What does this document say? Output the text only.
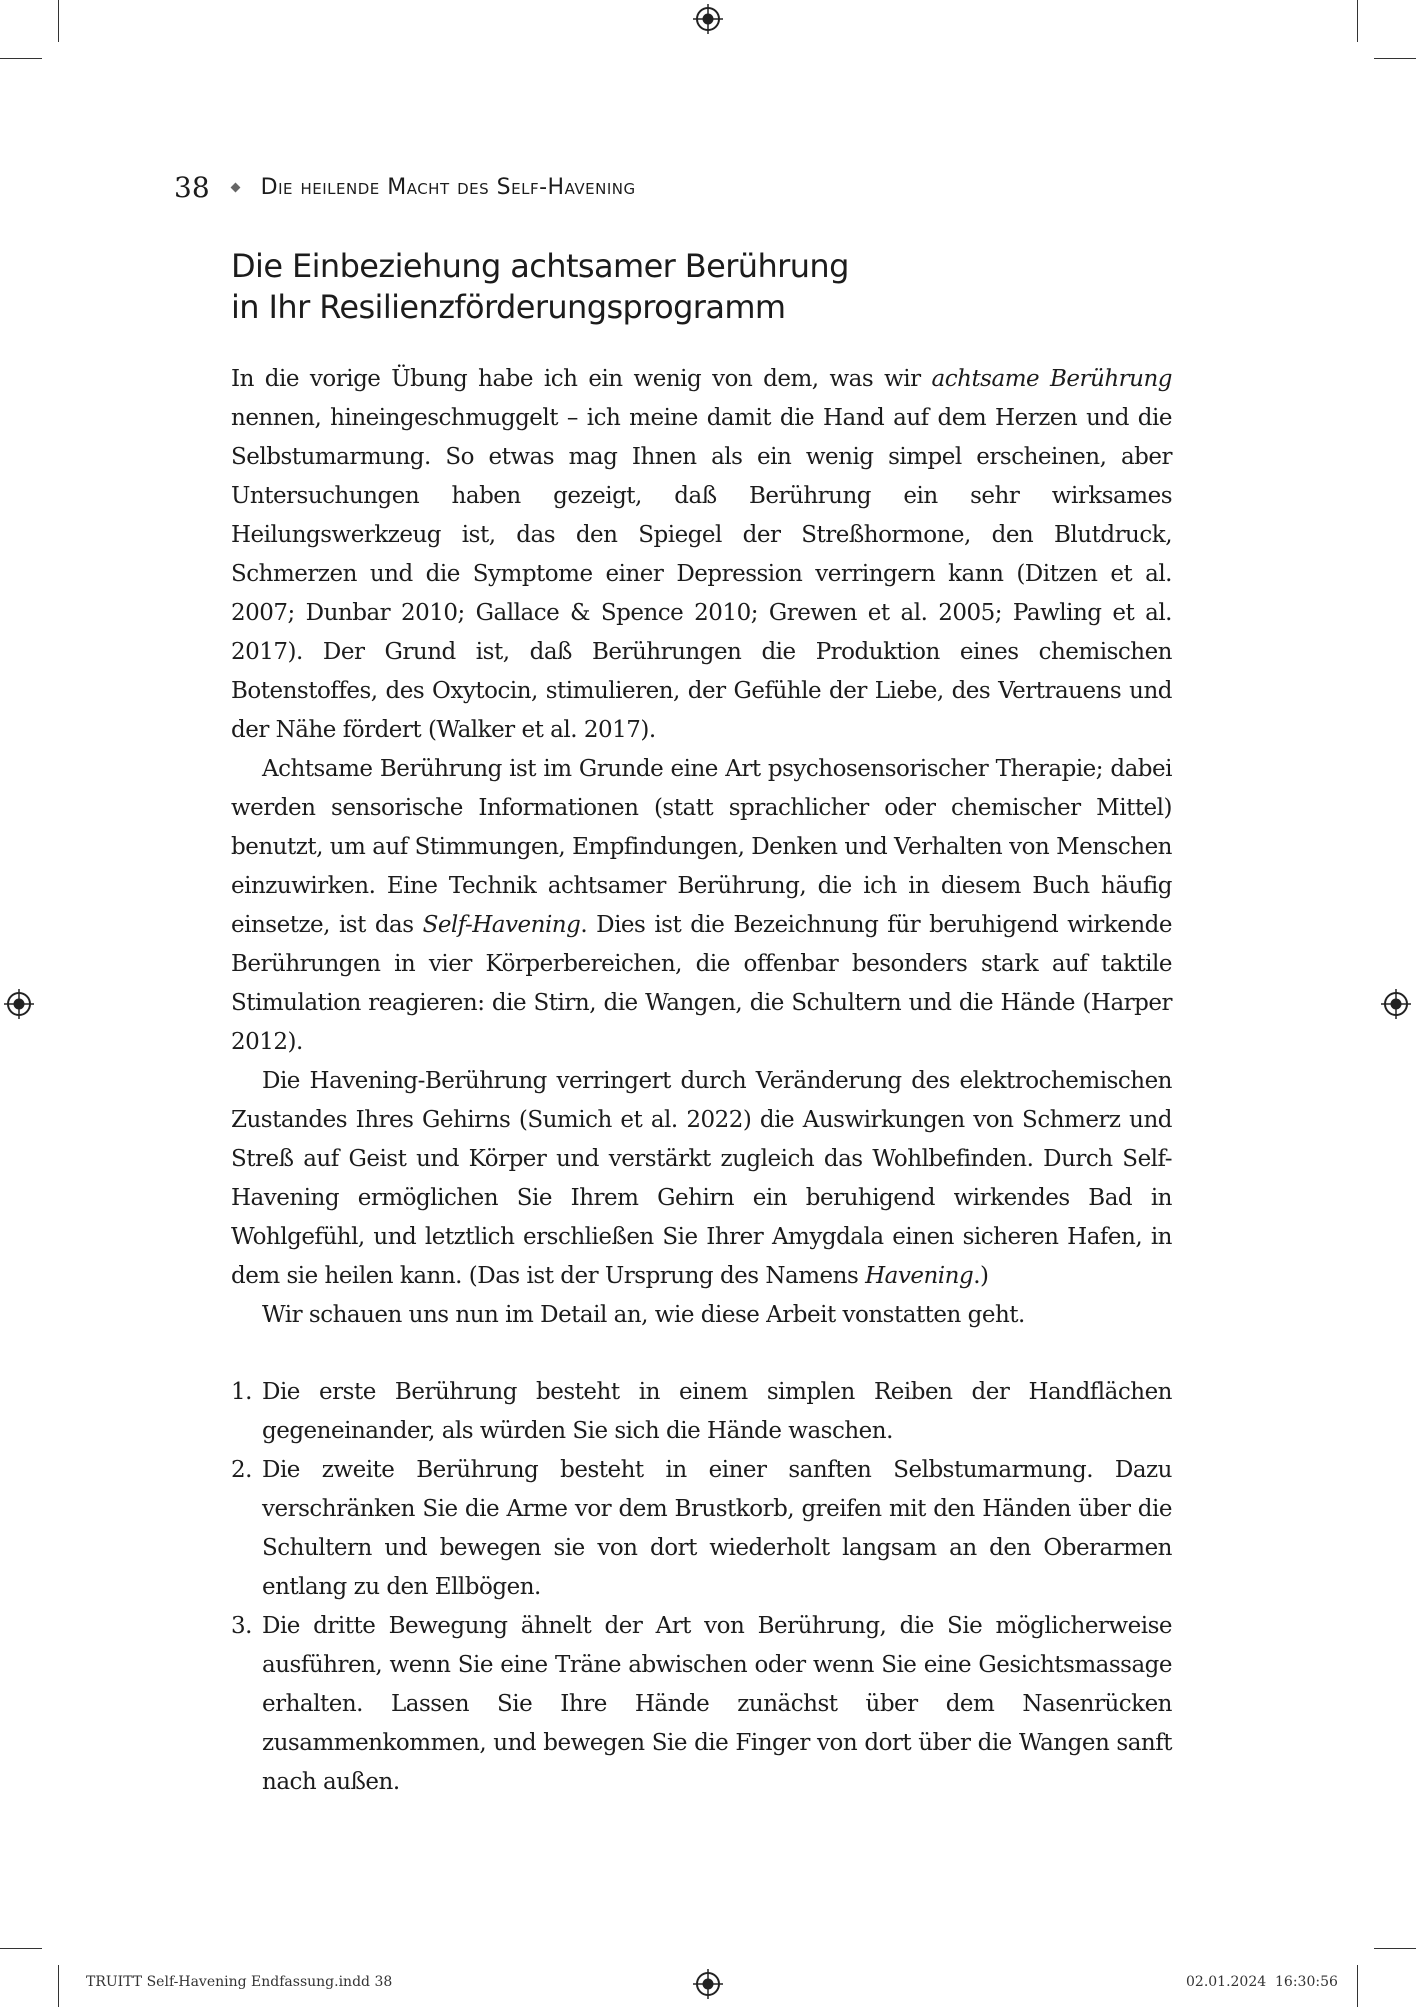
38 Die heilende Macht des Self-Havening
Die Einbeziehung achtsamer Berührung
in Ihr Resilienzförderungsprogramm

In die vorige Übung habe ich ein wenig von dem, was wir achtsame Berührung nennen, hineingeschmuggelt – ich meine damit die Hand auf dem Herzen und die Selbstumarmung. So etwas mag Ihnen als ein wenig simpel erscheinen, aber Untersuchungen haben gezeigt, daß Berührung ein sehr wirksames Heilungswerkzeug ist, das den Spiegel der Streßhormone, den Blutdruck, Schmerzen und die Symptome einer Depression verringern kann (Ditzen et al. 2007; Dunbar 2010; Gallace & Spence 2010; Grewen et al. 2005; Pawling et al. 2017). Der Grund ist, daß Berührungen die Produktion eines chemischen Botenstoffes, des Oxytocin, stimulieren, der Gefühle der Liebe, des Vertrauens und der Nähe fördert (Walker et al. 2017).

Achtsame Berührung ist im Grunde eine Art psychosensorischer Therapie; dabei werden sensorische Informationen (statt sprachlicher oder chemischer Mittel) benutzt, um auf Stimmungen, Empfindungen, Denken und Verhalten von Menschen einzuwirken. Eine Technik achtsamer Berührung, die ich in diesem Buch häufig einsetze, ist das Self-Havening. Dies ist die Bezeichnung für beruhigend wirkende Berührungen in vier Körperbereichen, die offenbar besonders stark auf taktile Stimulation reagieren: die Stirn, die Wangen, die Schultern und die Hände (Harper 2012).

Die Havening-Berührung verringert durch Veränderung des elektrochemischen Zustandes Ihres Gehirns (Sumich et al. 2022) die Auswirkungen von Schmerz und Streß auf Geist und Körper und verstärkt zugleich das Wohlbefinden. Durch Self-Havening ermöglichen Sie Ihrem Gehirn ein beruhigend wirkendes Bad in Wohlgefühl, und letztlich erschließen Sie Ihrer Amygdala einen sicheren Hafen, in dem sie heilen kann. (Das ist der Ursprung des Namens Havening.)

Wir schauen uns nun im Detail an, wie diese Arbeit vonstatten geht.

1. Die erste Berührung besteht in einem simplen Reiben der Handflächen gegeneinander, als würden Sie sich die Hände waschen.
2. Die zweite Berührung besteht in einer sanften Selbstumarmung. Dazu verschränken Sie die Arme vor dem Brustkorb, greifen mit den Händen über die Schultern und bewegen sie von dort wiederholt langsam an den Oberarmen entlang zu den Ellbögen.
3. Die dritte Bewegung ähnelt der Art von Berührung, die Sie möglicherweise ausführen, wenn Sie eine Träne abwischen oder wenn Sie eine Gesichtsmassage erhalten. Lassen Sie Ihre Hände zunächst über dem Nasenrücken zusammenkommen, und bewegen Sie die Finger von dort über die Wangen sanft nach außen.
TRUITT Self-Havening Endfassung.indd 38	02.01.2024 16:30:56
